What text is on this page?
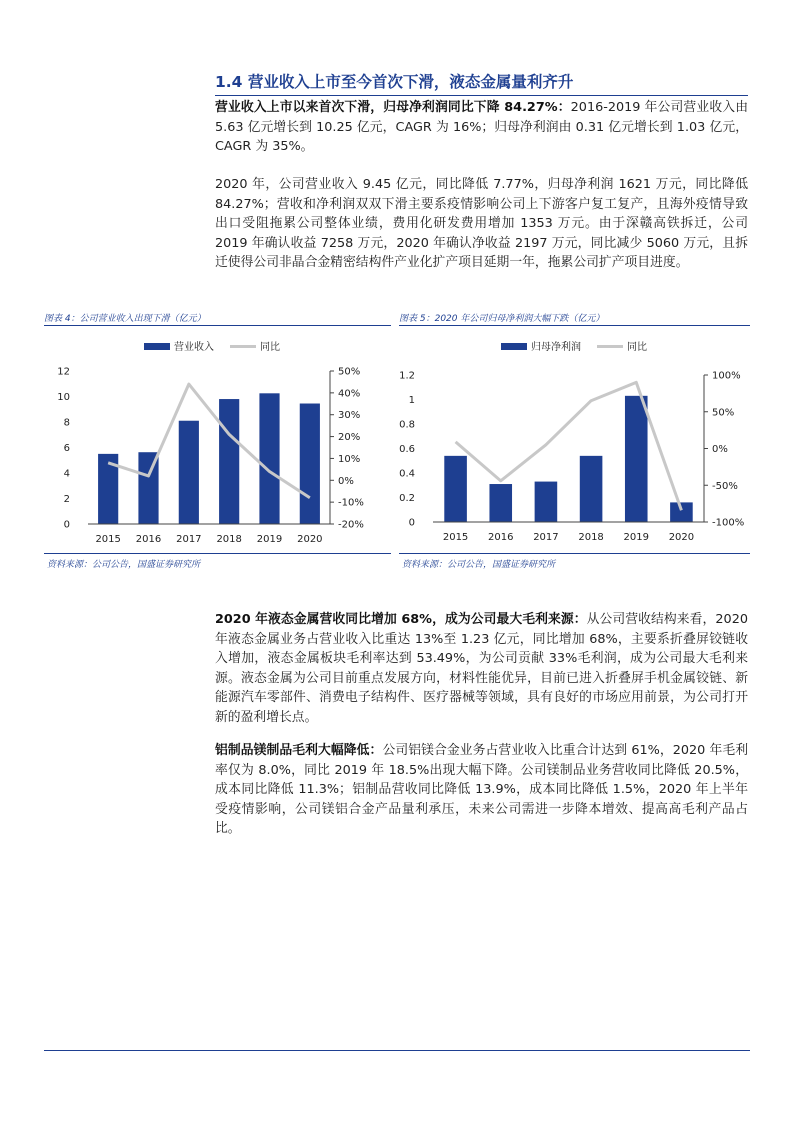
1.4 营业收入上市至今首次下滑，液态金属量利齐升
营业收入上市以来首次下滑，归母净利润同比下降 84.27%：2016-2019 年公司营业收入由 5.63 亿元增长到 10.25 亿元，CAGR 为 16%；归母净利润由 0.31 亿元增长到 1.03 亿元，CAGR 为 35%。
2020 年，公司营业收入 9.45 亿元，同比降低 7.77%，归母净利润 1621 万元，同比降低 84.27%；营收和净利润双双下滑主要系疫情影响公司上下游客户复工复产，且海外疫情导致出口受阻拖累公司整体业绩，费用化研发费用增加 1353 万元。由于深赣高铁拆迁，公司 2019 年确认收益 7258 万元，2020 年确认净收益 2197 万元，同比减少 5060 万元，且拆迁使得公司非晶合金精密结构件产业化扩产项目延期一年，拖累公司扩产项目进度。
图表 4：公司营业收入出现下滑（亿元）	图表 5：2020 年公司归母净利润大幅下跌（亿元）
营业收入	同比
0
2
4
6
8
10
12
-20%
-10%
0%
10%
20%
30%
40%
50%
2015 2016 2017 2018 2019 2020
归母净利润	同比
0
0.2
0.4
0.6
0.8
1
1.2
-100%
-50%
0%
50%
100%
2015 2016 2017 2018 2019 2020
资料来源：公司公告，国盛证券研究所	资料来源：公司公告，国盛证券研究所
2020 年液态金属营收同比增加 68%，成为公司最大毛利来源：从公司营收结构来看，2020 年液态金属业务占营业收入比重达 13%至 1.23 亿元，同比增加 68%，主要系折叠屏铰链收入增加，液态金属板块毛利率达到 53.49%，为公司贡献 33%毛利润，成为公司最大毛利来源。液态金属为公司目前重点发展方向，材料性能优异，目前已进入折叠屏手机金属铰链、新能源汽车零部件、消费电子结构件、医疗器械等领域，具有良好的市场应用前景，为公司打开新的盈利增长点。
铝制品镁制品毛利大幅降低：公司铝镁合金业务占营业收入比重合计达到 61%，2020 年毛利率仅为 8.0%，同比 2019 年 18.5%出现大幅下降。公司镁制品业务营收同比降低 20.5%，成本同比降低 11.3%；铝制品营收同比降低 13.9%，成本同比降低 1.5%，2020 年上半年受疫情影响，公司镁铝合金产品量利承压，未来公司需进一步降本增效、提高高毛利产品占比。
